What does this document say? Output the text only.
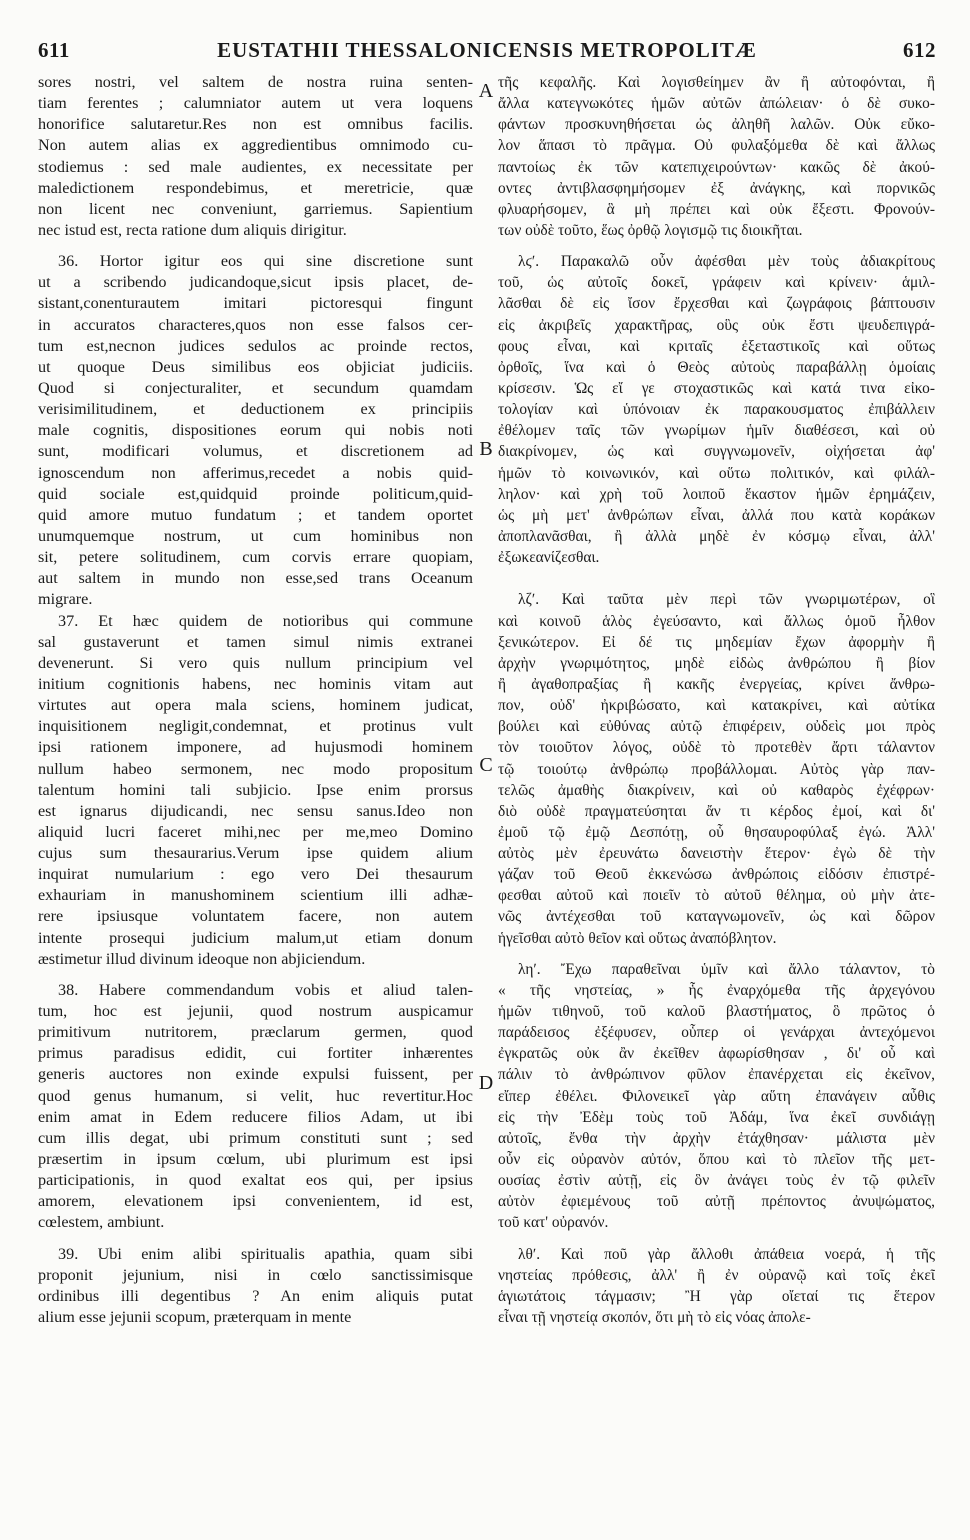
611	EUSTATHII THESSALONICENSIS METROPOLITÆ	612
sores nostri, vel saltem de nostra ruina senten-
tiam ferentes ; calumniator autem ut vera loquens
honorifice salutaretur.Res non est omnibus facilis.
Non autem alias ex aggredientibus omnimodo cu-
stodiemus : sed male audientes, ex necessitate per
maledictionem respondebimus, et meretricie, quæ
non licent nec conveniunt, garriemus. Sapientium
nec istud est, recta ratione dum aliquis dirigitur.
36. Hortor igitur eos qui sine discretione sunt
ut a scribendo judicandoque,sicut ipsis placet, de-
sistant,conenturautem imitari pictoresqui fingunt
in accuratos characteres,quos non esse falsos cer-
tum est,necnon judices sedulos ac proinde rectos,
ut quoque Deus similibus eos objiciat judiciis.
Quod si conjecturaliter, et secundum quamdam
verisimilitudinem, et deductionem ex principiis
male cognitis, dispositiones eorum qui nobis noti
sunt, modificari volumus, et discretionem ad
ignoscendum non afferimus,recedet a nobis quid-
quid sociale est,quidquid proinde politicum,quid-
quid amore mutuo fundatum ; et tandem oportet
unumquemque nostrum, ut cum hominibus non
sit, petere solitudinem, cum corvis errare quopiam,
aut saltem in mundo non esse,sed trans Oceanum
migrare.
37. Et hæc quidem de notioribus qui commune
sal gustaverunt et tamen simul nimis extranei
devenerunt. Si vero quis nullum principium vel
initium cognitionis habens, nec hominis vitam aut
virtutes aut opera mala sciens, hominem judicat,
inquisitionem negligit,condemnat, et protinus vult
ipsi rationem imponere, ad hujusmodi hominem
nullum habeo sermonem, nec modo propositum
talentum homini tali subjicio. Ipse enim prorsus
est ignarus dijudicandi, nec sensu sanus.Ideo non
aliquid lucri faceret mihi,nec per me,meo Domino
cujus sum thesaurarius.Verum ipse quidem alium
inquirat numularium : ego vero Dei thesaurum
exhauriam in manushominem scientium illi adhæ-
rere ipsiusque voluntatem facere, non autem
intente prosequi judicium malum,ut etiam donum
æstimetur illud divinum ideoque non abjiciendum.
38. Habere commendandum vobis et aliud talen-
tum, hoc est jejunii, quod nostrum auspicamur
primitivum nutritorem, præclarum germen, quod
primus paradisus edidit, cui fortiter inhærentes
generis auctores non exinde expulsi fuissent, per
quod genus humanum, si velit, huc revertitur.Hoc
enim amat in Edem reducere filios Adam, ut ibi
cum illis degat, ubi primum constituti sunt ; sed
præsertim in ipsum cœlum, ubi plurimum est ipsi
participationis, in quod exaltat eos qui, per ipsius
amorem, elevationem ipsi convenientem, id est,
cœlestem, ambiunt.
39. Ubi enim alibi spiritualis apathia, quam sibi
proponit jejunium, nisi in cœlo sanctissimisque
ordinibus illi degentibus ? An enim aliquis putat
alium esse jejunii scopum, præterquam in mente
τῆς κεφαλῆς. Καὶ λογισθείημεν ἂν ἢ αὐτοφόνται, ἢ
ἄλλα κατεγνωκότες ἡμῶν αὐτῶν ἀπώλειαν· ὁ δὲ συκο-
φάντων προσκυνηθήσεται ὡς ἀληθῆ λαλῶν. Οὐκ εὔκο-
λον ἅπασι τὸ πρᾶγμα. Οὐ φυλαξόμεθα δὲ καὶ ἄλλως
παντοίως ἐκ τῶν κατεπιχειρούντων· κακῶς δὲ ἀκού-
οντες ἀντιβλασφημήσομεν ἐξ ἀνάγκης, καὶ πορνικῶς
φλυαρήσομεν, ἃ μὴ πρέπει καὶ οὐκ ἔξεστι. Φρονούν-
των οὐδὲ τοῦτο, ἕως ὀρθῷ λογισμῷ τις διοικῆται.
λϛʹ. Παρακαλῶ οὖν ἀφέσθαι μὲν τοὺς ἀδιακρίτους
τοῦ, ὡς αὐτοῖς δοκεῖ, γράφειν καὶ κρίνειν· ἁμιλ-
λᾶσθαι δὲ εἰς ἴσον ἔρχεσθαι καὶ ζωγράφοις βάπτουσιν
εἰς ἀκριβεῖς χαρακτῆρας, οὓς οὐκ ἔστι ψευδεπιγρά-
φους εἶναι, καὶ κριταῖς ἐξεταστικοῖς καὶ οὕτως
ὀρθοῖς, ἵνα καὶ ὁ Θεὸς αὐτοὺς παραβάλλῃ ὁμοίαις
κρίσεσιν. Ὡς εἴ γε στοχαστικῶς καὶ κατά τινα εἰκο-
τολογίαν καὶ ὑπόνοιαν ἐκ παρακουσματος ἐπιβάλλειν
ἐθέλομεν ταῖς τῶν γνωρίμων ἡμῖν διαθέσεσι, καὶ οὐ
διακρίνομεν, ὡς καὶ συγγνωμονεῖν, οἰχήσεται ἀφ'
ἡμῶν τὸ κοινωνικόν, καὶ οὕτω πολιτικόν, καὶ φιλάλ-
ληλον· καὶ χρὴ τοῦ λοιποῦ ἕκαστον ἡμῶν ἐρημάζειν,
ὡς μὴ μετ' ἀνθρώπων εἶναι, ἀλλά που κατὰ κοράκων
ἀποπλανᾶσθαι, ἢ ἀλλὰ μηδὲ ἐν κόσμῳ εἶναι, ἀλλ'
ἐξωκεανίζεσθαι.
λζʹ. Καὶ ταῦτα μὲν περὶ τῶν γνωριμωτέρων, οἳ
καὶ κοινοῦ ἁλὸς ἐγεύσαντο, καὶ ἄλλως ὁμοῦ ἦλθον
ξενικώτερον. Εἰ δέ τις μηδεμίαν ἔχων ἀφορμὴν ἢ
ἀρχὴν γνωριμότητος, μηδὲ εἰδὼς ἀνθρώπου ἢ βίον
ἢ ἀγαθοπραξίας ἢ κακῆς ἐνεργείας, κρίνει ἄνθρω-
πον, οὐδ' ἠκριβώσατο, καὶ κατακρίνει, καὶ αὐτίκα
βούλει καὶ εὐθύνας αὐτῷ ἐπιφέρειν, οὐδεὶς μοι πρὸς
τὸν τοιοῦτον λόγος, οὐδὲ τὸ προτεθὲν ἄρτι τάλαντον
τῷ τοιούτῳ ἀνθρώπῳ προβάλλομαι. Αὐτὸς γὰρ παν-
τελῶς ἀμαθὴς διακρίνειν, καὶ οὐ καθαρὸς ἐχέφρων·
διὸ οὐδὲ πραγματεύσηται ἄν τι κέρδος ἐμοί, καὶ δι'
ἐμοῦ τῷ ἐμῷ Δεσπότῃ, οὗ θησαυροφύλαξ ἐγώ. Ἀλλ'
αὐτὸς μὲν ἐρευνάτω δανειστὴν ἕτερον· ἐγὼ δὲ τὴν
γάζαν τοῦ Θεοῦ ἐκκενώσω ἀνθρώποις εἰδόσιν ἐπιστρέ-
φεσθαι αὐτοῦ καὶ ποιεῖν τὸ αὐτοῦ θέλημα, οὐ μὴν ἀτε-
νῶς ἀντέχεσθαι τοῦ καταγνωμονεῖν, ὡς καὶ δῶρον
ἡγεῖσθαι αὐτὸ θεῖον καὶ οὕτως ἀναπόβλητον.
ληʹ. Ἔχω παραθεῖναι ὑμῖν καὶ ἄλλο τάλαντον, τὸ
« τῆς νηστείας, » ἧς ἐναρχόμεθα τῆς ἀρχεγόνου
ἡμῶν τιθηνοῦ, τοῦ καλοῦ βλαστήματος, ὃ πρῶτος ὁ
παράδεισος ἐξέφυσεν, οὗπερ οἱ γενάρχαι ἀντεχόμενοι
ἐγκρατῶς οὐκ ἂν ἐκεῖθεν ἀφωρίσθησαν , δι' οὗ καὶ
πάλιν τὸ ἀνθρώπινον φῦλον ἐπανέρχεται εἰς ἐκεῖνον,
εἴπερ ἐθέλει. Φιλονεικεῖ γὰρ αὕτη ἐπανάγειν αὖθις
εἰς τὴν Ἐδὲμ τοὺς τοῦ Ἀδάμ, ἵνα ἐκεῖ συνδιάγῃ
αὐτοῖς, ἔνθα τὴν ἀρχὴν ἐτάχθησαν· μάλιστα μὲν
οὖν εἰς οὐρανὸν αὐτόν, ὅπου καὶ τὸ πλεῖον τῆς μετ-
ουσίας ἐστὶν αὐτῇ, εἰς ὃν ἀνάγει τοὺς ἐν τῷ φιλεῖν
αὐτὸν ἐφιεμένους τοῦ αὐτῇ πρέποντος ἀνυψώματος,
τοῦ κατ' οὐρανόν.
λθʹ. Καὶ ποῦ γὰρ ἄλλοθι ἀπάθεια νοερά, ἡ τῆς
νηστείας πρόθεσις, ἀλλ' ἢ ἐν οὐρανῷ καὶ τοῖς ἐκεῖ
ἁγιωτάτοις τάγμασιν; Ἢ γὰρ οἴεταί τις ἕτερον
εἶναι τῇ νηστείᾳ σκοπόν, ὅτι μὴ τὸ εἰς νόας ἀπολε-
A
B
C
D
